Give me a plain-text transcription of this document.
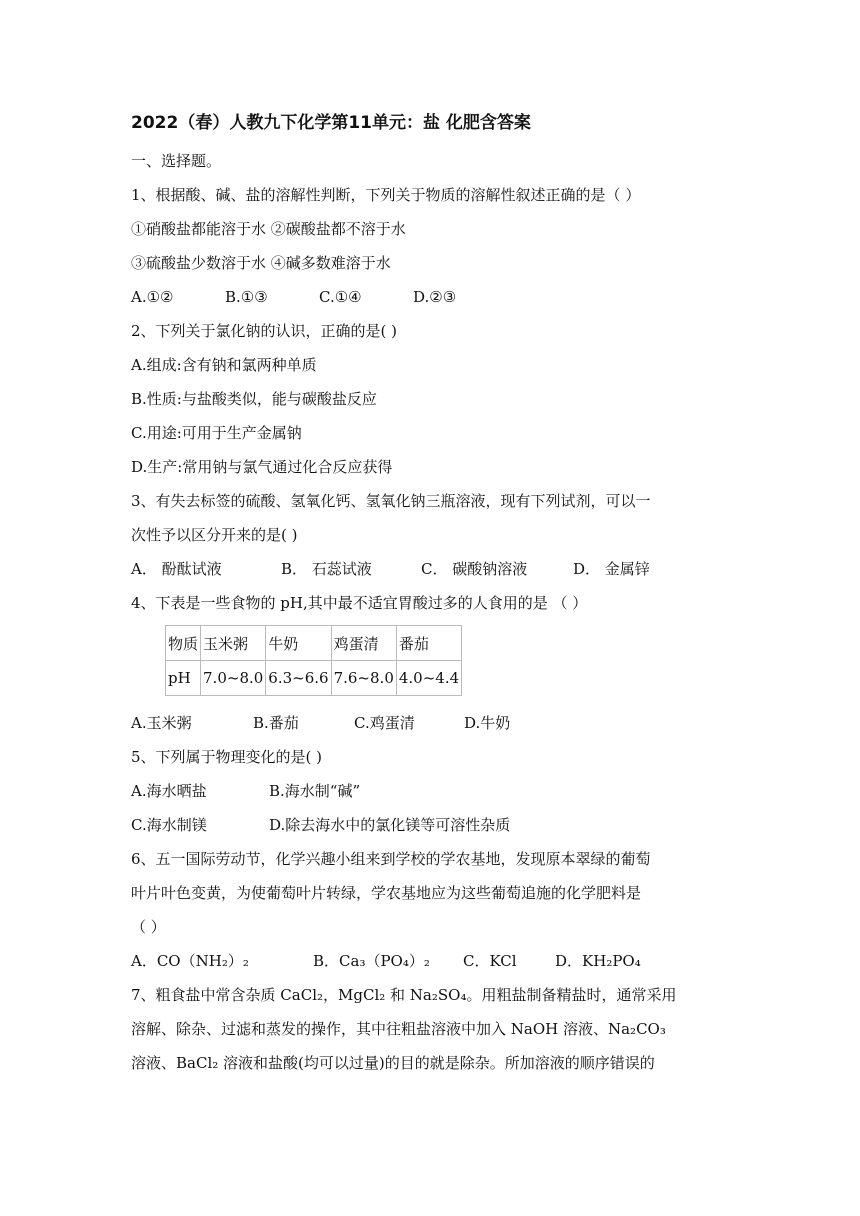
2022（春）人教九下化学第11单元：盐 化肥含答案
一、选择题。
1、根据酸、碱、盐的溶解性判断，下列关于物质的溶解性叙述正确的是（ ）
①硝酸盐都能溶于水 ②碳酸盐都不溶于水
③硫酸盐少数溶于水 ④碱多数难溶于水
A.①②	B.①③	C.①④	D.②③
2、下列关于氯化钠的认识，正确的是( )
A.组成:含有钠和氯两种单质
B.性质:与盐酸类似，能与碳酸盐反应
C.用途:可用于生产金属钠
D.生产:常用钠与氯气通过化合反应获得
3、有失去标签的硫酸、氢氧化钙、氢氧化钠三瓶溶液，现有下列试剂，可以一
次性予以区分开来的是( )
A． 酚酞试液	B． 石蕊试液	C． 碳酸钠溶液	D． 金属锌
4、下表是一些食物的 pH,其中最不适宜胃酸过多的人食用的是 （ ）
物质	玉米粥	牛奶	鸡蛋清	番茄
pH	7.0~8.0	6.3~6.6	7.6~8.0	4.0~4.4
A.玉米粥	B.番茄	C.鸡蛋清	D.牛奶
5、下列属于物理变化的是( )
A.海水晒盐	B.海水制“碱”
C.海水制镁	D.除去海水中的氯化镁等可溶性杂质
6、五一国际劳动节，化学兴趣小组来到学校的学农基地，发现原本翠绿的葡萄
叶片叶色变黄，为使葡萄叶片转绿，学农基地应为这些葡萄追施的化学肥料是
（ ）
A．CO（NH₂）₂	B．Ca₃（PO₄）₂ C．KCl	D．KH₂PO₄
7、粗食盐中常含杂质 CaCl₂，MgCl₂ 和 Na₂SO₄。用粗盐制备精盐时，通常采用
溶解、除杂、过滤和蒸发的操作，其中往粗盐溶液中加入 NaOH 溶液、Na₂CO₃
溶液、BaCl₂ 溶液和盐酸(均可以过量)的目的就是除杂。所加溶液的顺序错误的
